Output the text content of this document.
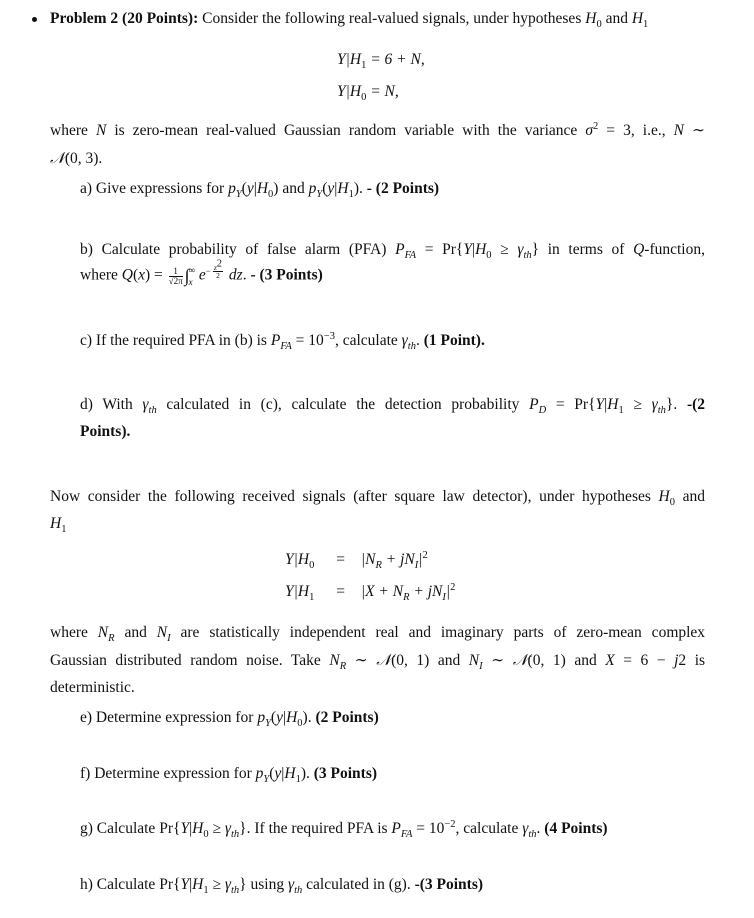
Problem 2 (20 Points): Consider the following real-valued signals, under hypotheses $H_0$ and $H_1$
$Y|H_1 = 6 + N$,
$Y|H_0 = N$,
where N is zero-mean real-valued Gaussian random variable with the variance $\sigma^2 = 3$, i.e., N ∼
𝒩(0, 3).
a) Give expressions for $p_Y(y|H_0)$ and $p_Y(y|H_1)$. - (2 Points)
b) Calculate probability of false alarm (PFA) $P_{FA} = Pr\{Y|H_0 \ge \gamma_{th}\}$ in terms of Q-function,
where $Q(x) = \frac{1}{√2\pi}$ ∫ ∞
x $e^{- \frac{z^2}{2}}$ dz. - (3 Points)
c) If the required PFA in (b) is $P_{FA} = 10^{-3}$, calculate $\gamma_{th}$. (1 Point).
d) With $\gamma_{th}$ calculated in (c), calculate the detection probability $P_D = Pr\{Y|H_1 \ge \gamma_{th}\}$. -(2
Points).
Now consider the following received signals (after square law detector), under hypotheses $H_0$ and
$H_1$
$Y|H_0 = |N_R + jN_I|^2$
$Y|H_1 = |X + N_R + jN_I|^2$
where $N_R$ and $N_I$ are statistically independent real and imaginary parts of zero-mean complex
Gaussian distributed random noise. Take $N_R$ ∼ 𝒩(0, 1) and $N_I$ ∼ 𝒩(0, 1) and X = 6 − j2 is
deterministic.
e) Determine expression for $p_Y(y|H_0)$. (2 Points)
f) Determine expression for $p_Y(y|H_1)$. (3 Points)
g) Calculate $Pr\{Y|H_0 \ge \gamma_{th}\}$. If the required PFA is $P_{FA} = 10^{-2}$, calculate $\gamma_{th}$. (4 Points)
h) Calculate $Pr\{Y|H_1 \ge \gamma_{th}\}$ using $\gamma_{th}$ calculated in (g). -(3 Points)
